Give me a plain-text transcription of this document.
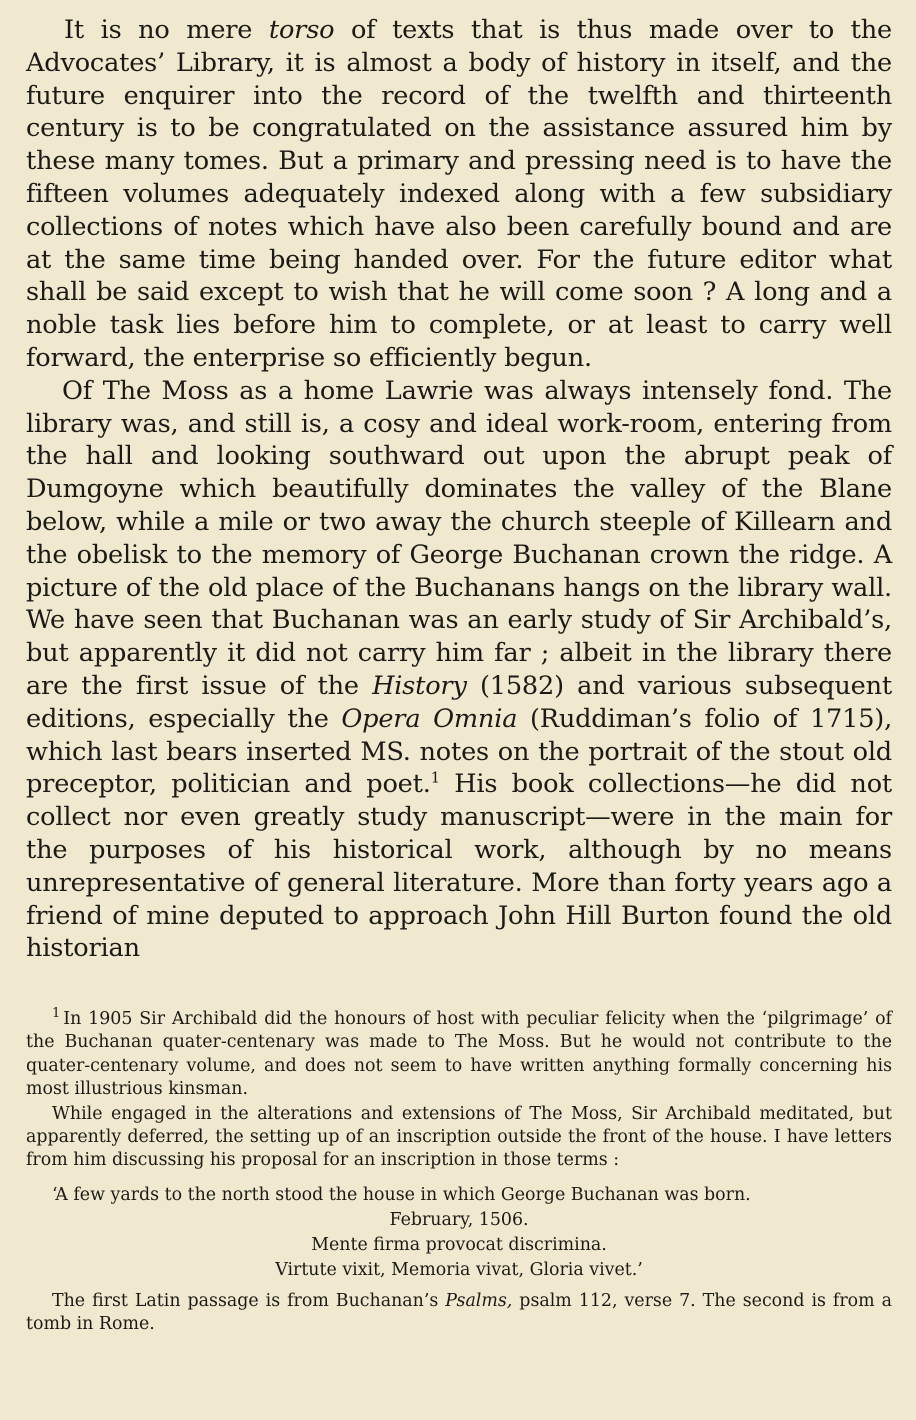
It is no mere torso of texts that is thus made over to the Advocates’ Library, it is almost a body of history in itself, and the future enquirer into the record of the twelfth and thirteenth century is to be congratulated on the assistance assured him by these many tomes. But a primary and pressing need is to have the fifteen volumes adequately indexed along with a few subsidiary collections of notes which have also been carefully bound and are at the same time being handed over. For the future editor what shall be said except to wish that he will come soon ? A long and a noble task lies before him to complete, or at least to carry well forward, the enterprise so efficiently begun.

Of The Moss as a home Lawrie was always intensely fond. The library was, and still is, a cosy and ideal work-room, entering from the hall and looking southward out upon the abrupt peak of Dumgoyne which beautifully dominates the valley of the Blane below, while a mile or two away the church steeple of Killearn and the obelisk to the memory of George Buchanan crown the ridge. A picture of the old place of the Buchanans hangs on the library wall. We have seen that Buchanan was an early study of Sir Archibald’s, but apparently it did not carry him far ; albeit in the library there are the first issue of the History (1582) and various subsequent editions, especially the Opera Omnia (Ruddiman’s folio of 1715), which last bears inserted MS. notes on the portrait of the stout old preceptor, politician and poet.$^1$ His book collections—he did not collect nor even greatly study manuscript—were in the main for the purposes of his historical work, although by no means unrepresentative of general literature. More than forty years ago a friend of mine deputed to approach John Hill Burton found the old historian

$^1$ In 1905 Sir Archibald did the honours of host with peculiar felicity when the ‘pilgrimage’ of the Buchanan quater-centenary was made to The Moss. But he would not contribute to the quater-centenary volume, and does not seem to have written anything formally concerning his most illustrious kinsman.

While engaged in the alterations and extensions of The Moss, Sir Archibald meditated, but apparently deferred, the setting up of an inscription outside the front of the house. I have letters from him discussing his proposal for an inscription in those terms :

‘A few yards to the north stood the house in which George Buchanan was born.

February, 1506.

Mente firma provocat discrimina.

Virtute vixit, Memoria vivat, Gloria vivet.’

The first Latin passage is from Buchanan’s Psalms, psalm 112, verse 7. The second is from a tomb in Rome.
